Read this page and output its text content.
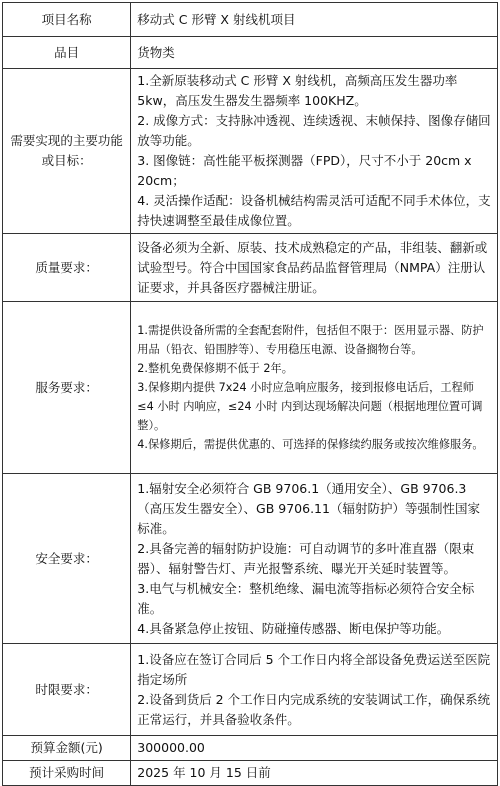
项目名称	移动式 C 形臂 X 射线机项目

品目	货物类

需要实现的主要功能或目标：	1.全新原装移动式 C 形臂 X 射线机，高频高压发生器功率 5kw，高压发生器发生器频率 100KHZ。

2. 成像方式：支持脉冲透视、连续透视、末帧保持、图像存储回放等功能。

3. 图像链：高性能平板探测器（FPD），尺寸不小于 20cm x 20cm；

4. 灵活操作适配：设备机械结构需灵活可适配不同手术体位，支持快速调整至最佳成像位置。

质量要求：	设备必须为全新、原装、技术成熟稳定的产品，非组装、翻新或试验型号。符合中国国家食品药品监督管理局（NMPA）注册认证要求，并具备医疗器械注册证。

服务要求：	1.需提供设备所需的全套配套附件，包括但不限于：医用显示器、防护用品（铅衣、铅围脖等）、专用稳压电源、设备搁物台等。

2.整机免费保修期不低于 2年。

3.保修期内提供 7x24 小时应急响应服务，接到报修电话后，工程师 ≤4 小时 内响应，≤24 小时 内到达现场解决问题（根据地理位置可调整）。

4.保修期后，需提供优惠的、可选择的保修续约服务或按次维修服务。

安全要求：	1.辐射安全必须符合 GB 9706.1（通用安全）、GB 9706.3（高压发生器安全）、GB 9706.11（辐射防护）等强制性国家标准。

2.具备完善的辐射防护设施：可自动调节的多叶准直器（限束器）、辐射警告灯、声光报警系统、曝光开关延时装置等。

3.电气与机械安全：整机绝缘、漏电流等指标必须符合安全标准。

4.具备紧急停止按钮、防碰撞传感器、断电保护等功能。

时限要求：	1.设备应在签订合同后 5 个工作日内将全部设备免费运送至医院指定场所

2.设备到货后 2 个工作日内完成系统的安装调试工作，确保系统正常运行，并具备验收条件。

预算金额(元)	300000.00

预计采购时间	2025 年 10 月 15 日前
